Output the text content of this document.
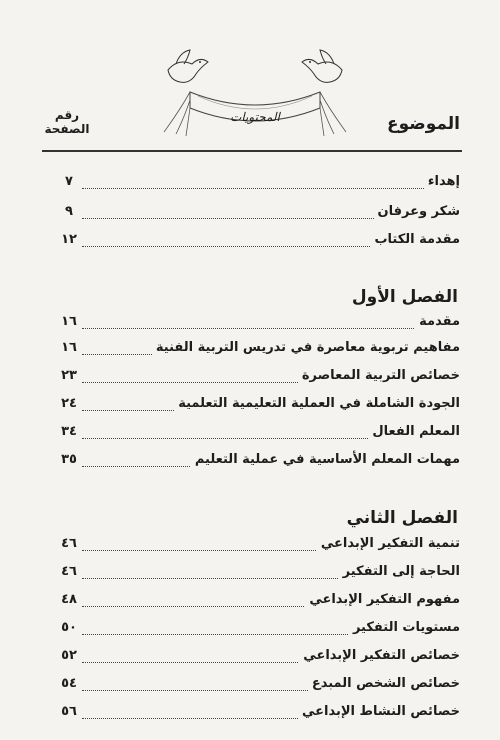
المحتويات	الموضوع
رقم
الصفحة
إهداء
٧
شكر وعرفان
٩
مقدمة الكتاب
١٢
الفصل الأول
مقدمة
١٦
مفاهيم تربوية معاصرة في تدريس التربية الفنية
١٦
خصائص التربية المعاصرة
٢٣
الجودة الشاملة في العملية التعليمية التعلمية
٢٤
المعلم الفعال
٣٤
مهمات المعلم الأساسية في عملية التعليم
٣٥
الفصل الثاني
تنمية التفكير الإبداعي
٤٦
الحاجة إلى التفكير
٤٦
مفهوم التفكير الإبداعي
٤٨
مستويات التفكير
٥٠
خصائص التفكير الإبداعي
٥٢
خصائص الشخص المبدع
٥٤
خصائص النشاط الإبداعي
٥٦
